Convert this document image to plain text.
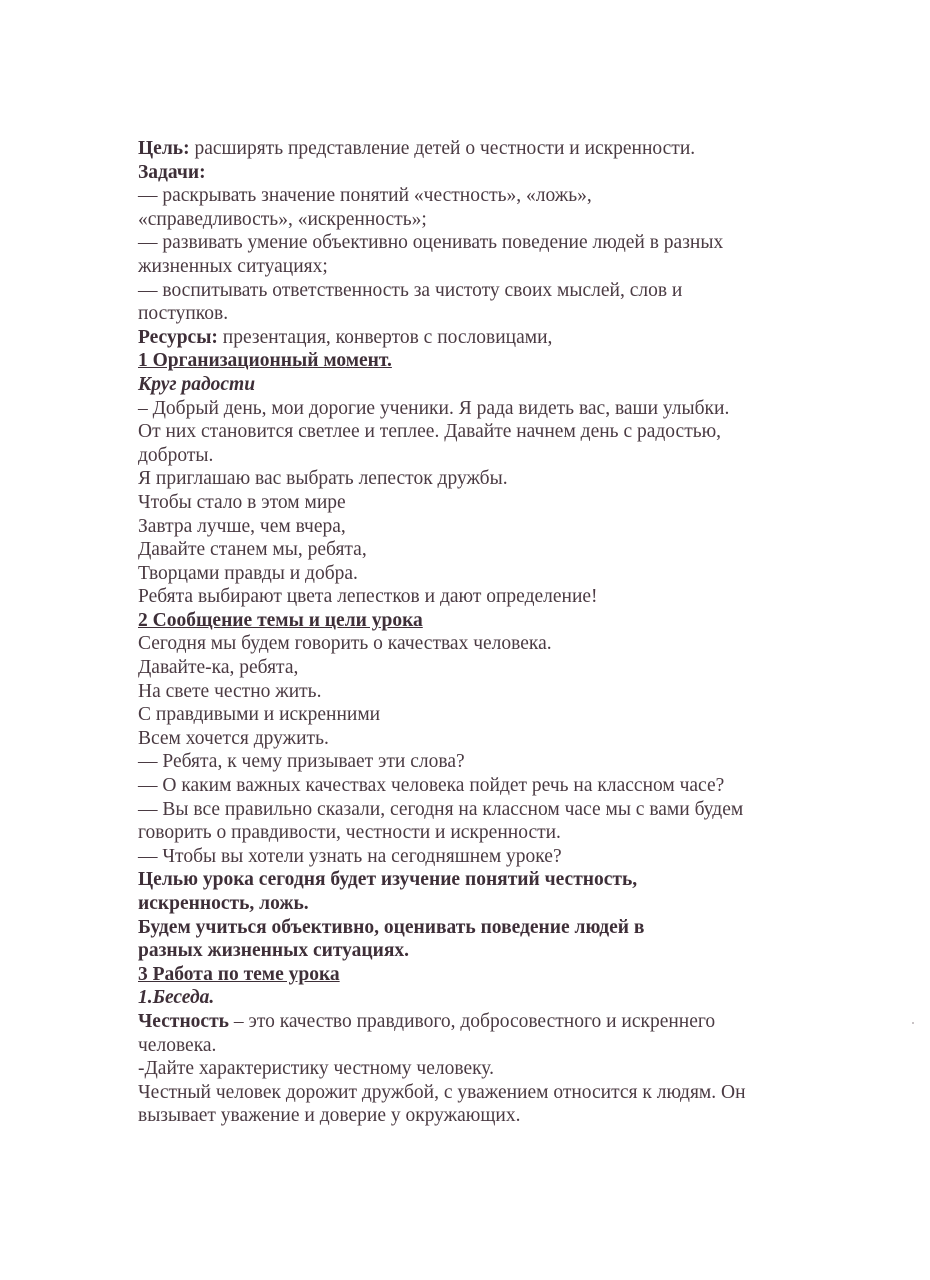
Цель: расширять представление детей о честности и искренности.
Задачи:
— раскрывать значение понятий «честность», «ложь»,
«справедливость», «искренность»;
— развивать умение объективно оценивать поведение людей в разных
жизненных ситуациях;
— воспитывать ответственность за чистоту своих мыслей, слов и
поступков.
Ресурсы: презентация, конвертов с пословицами,
1 Организационный момент.
Круг радости
– Добрый день, мои дорогие ученики. Я рада видеть вас, ваши улыбки.
От них становится светлее и теплее. Давайте начнем день с радостью,
доброты.
Я приглашаю вас выбрать лепесток дружбы.
Чтобы стало в этом мире
Завтра лучше, чем вчера,
Давайте станем мы, ребята,
Творцами правды и добра.
Ребята выбирают цвета лепестков и дают определение!
2 Сообщение темы и цели урока
Сегодня мы будем говорить о качествах человека.
Давайте-ка, ребята,
На свете честно жить.
С правдивыми и искренними
Всем хочется дружить.
— Ребята, к чему призывает эти слова?
— О каким важных качествах человека пойдет речь на классном часе?
— Вы все правильно сказали, сегодня на классном часе мы с вами будем
говорить о правдивости, честности и искренности.
— Чтобы вы хотели узнать на сегодняшнем уроке?
Целью урока сегодня будет изучение понятий честность,
искренность, ложь.
Будем учиться объективно, оценивать поведение людей в
разных жизненных ситуациях.
3 Работа по теме урока
1.Беседа.
Честность – это качество правдивого, добросовестного и искреннего
человека.
-Дайте характеристику честному человеку.
Честный человек дорожит дружбой, с уважением относится к людям. Он
вызывает уважение и доверие у окружающих.
